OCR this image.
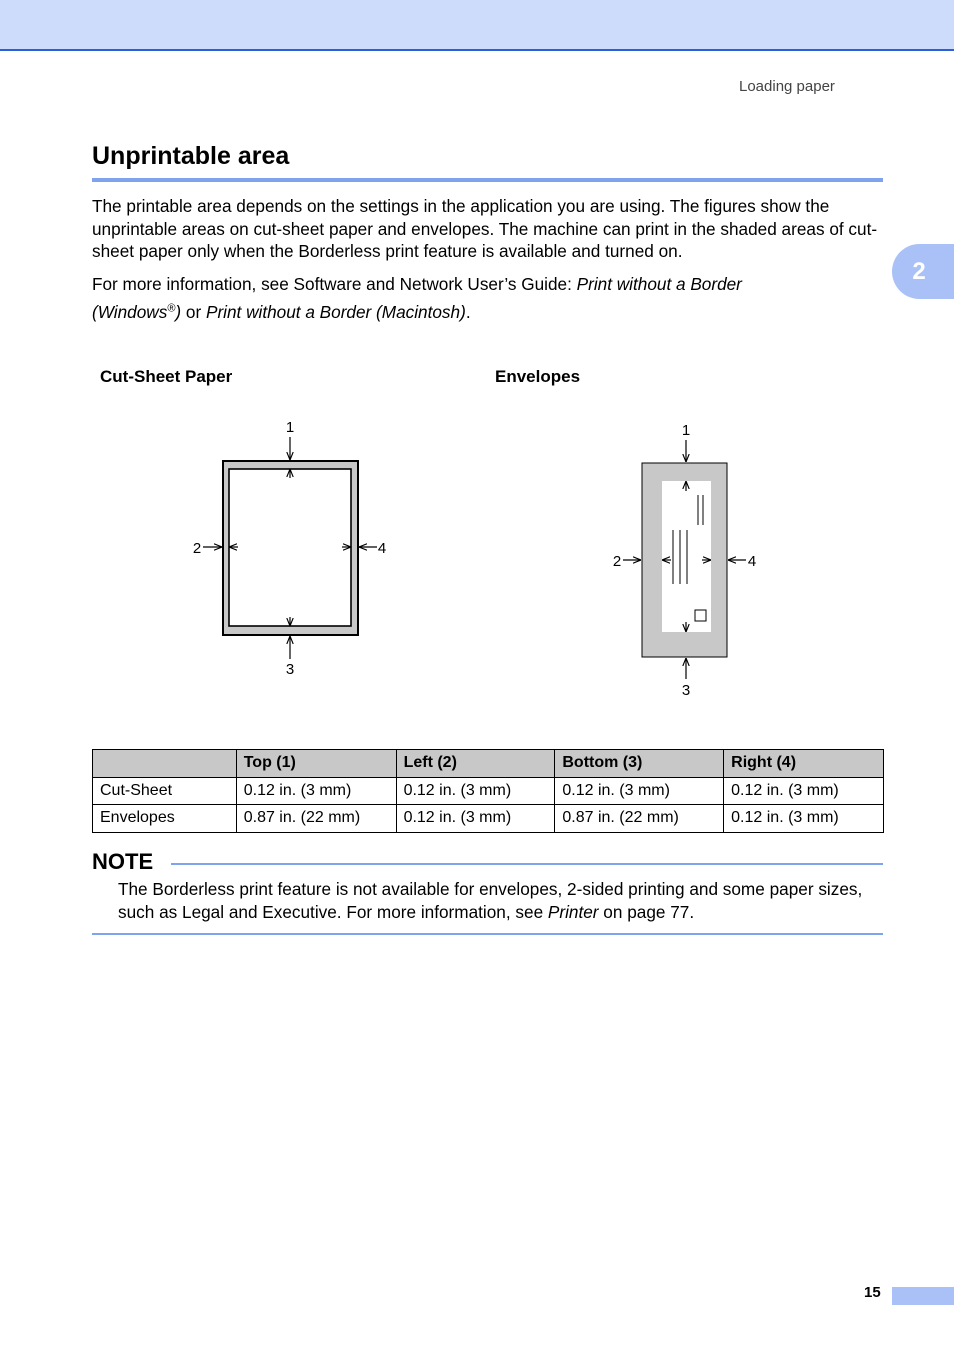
Loading paper
2
Unprintable area

The printable area depends on the settings in the application you are using. The figures show the unprintable areas on cut-sheet paper and envelopes. The machine can print in the shaded areas of cut-sheet paper only when the Borderless print feature is available and turned on.

For more information, see Software and Network User’s Guide: Print without a Border
(Windows®) or Print without a Border (Macintosh).

Cut-Sheet Paper	Envelopes
1
2
3
4
1
2
3
4
	Top (1)	Left (2)	Bottom (3)	Right (4)
Cut-Sheet	0.12 in. (3 mm)	0.12 in. (3 mm)	0.12 in. (3 mm)	0.12 in. (3 mm)
Envelopes	0.87 in. (22 mm)	0.12 in. (3 mm)	0.87 in. (22 mm)	0.12 in. (3 mm)
NOTE

The Borderless print feature is not available for envelopes, 2-sided printing and some paper sizes, such as Legal and Executive. For more information, see Printer on page 77.

15
